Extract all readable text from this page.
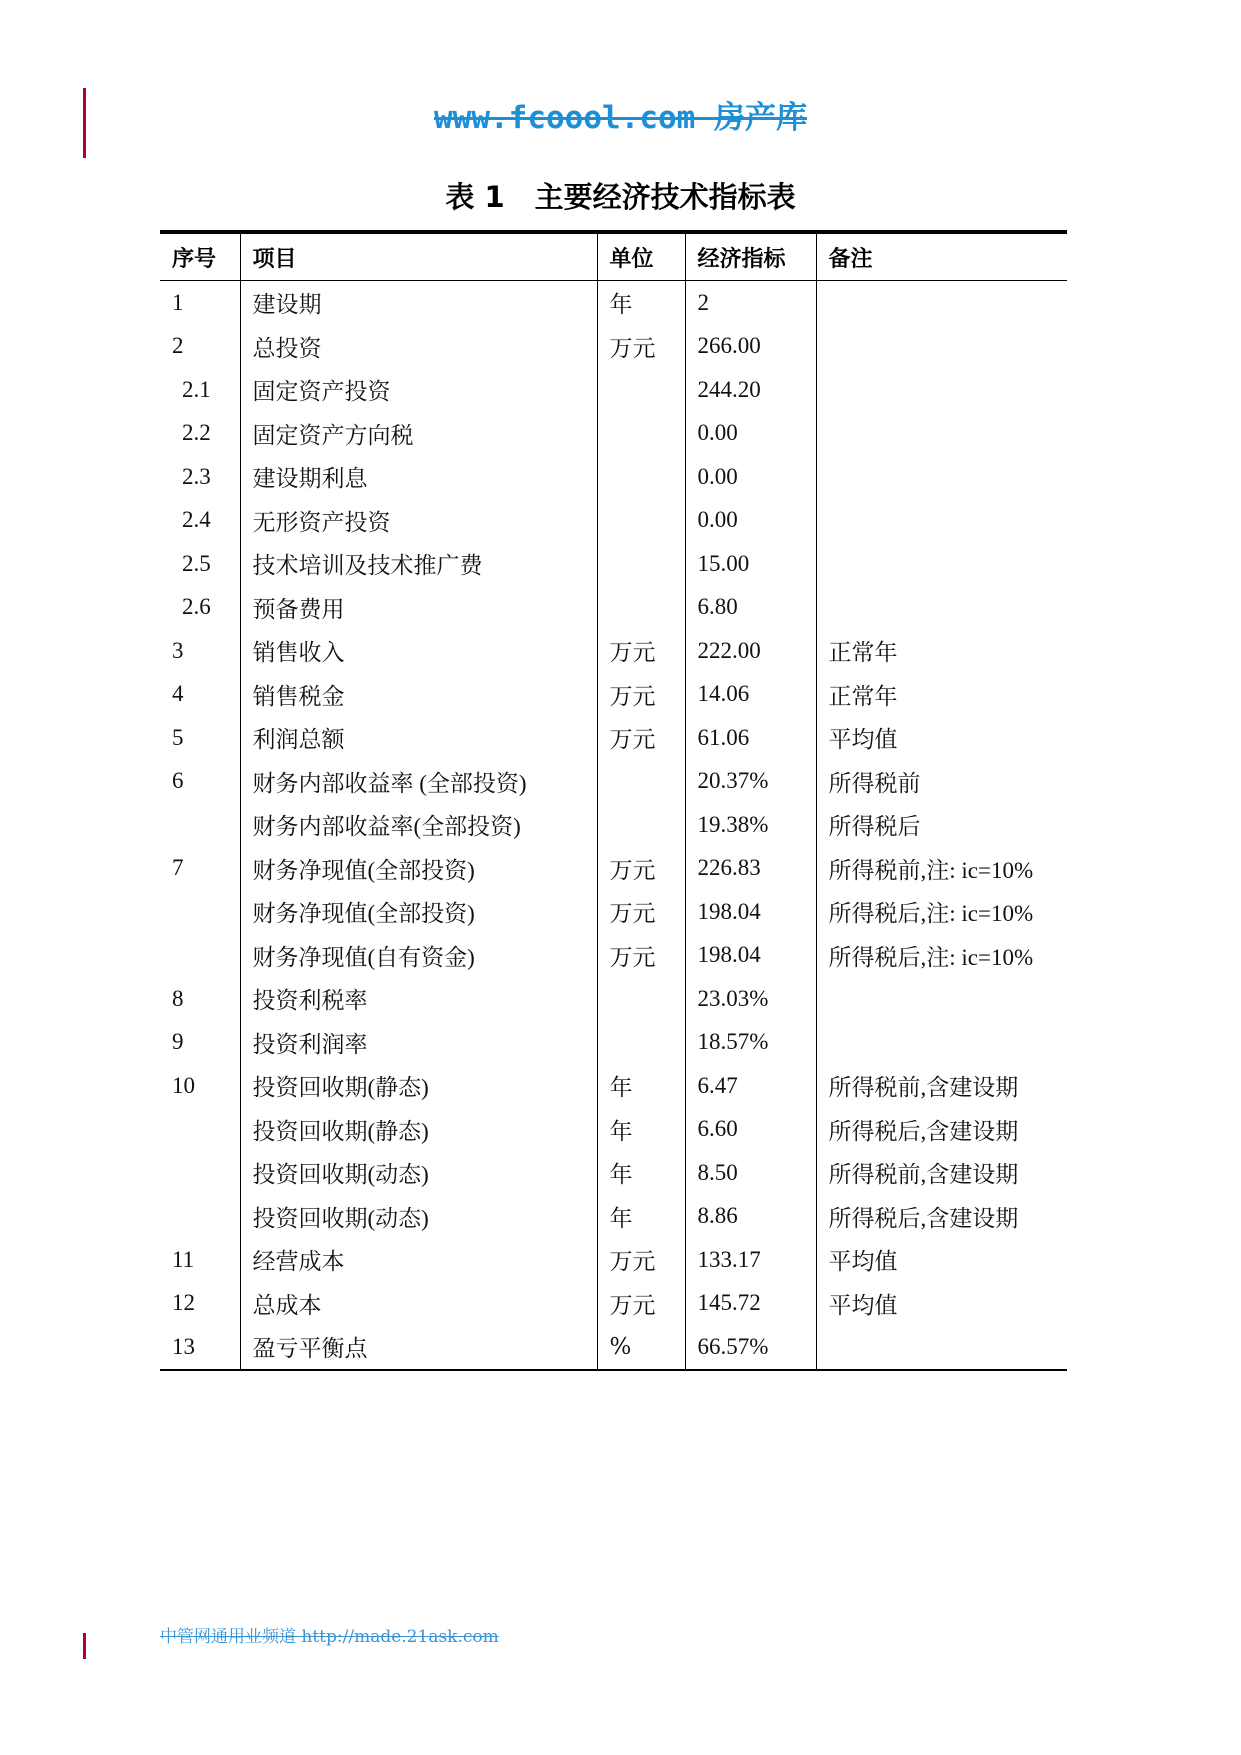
www.fcoool.com 房产库
表 1 主要经济技术指标表
序号	项目	单位	经济指标	备注
1	建设期	年	2	
2	总投资	万元	266.00	
2.1	固定资产投资		244.20	
2.2	固定资产方向税		0.00	
2.3	建设期利息		0.00	
2.4	无形资产投资		0.00	
2.5	技术培训及技术推广费		15.00	
2.6	预备费用		6.80	
3	销售收入	万元	222.00	正常年
4	销售税金	万元	14.06	正常年
5	利润总额	万元	61.06	平均值
6	财务内部收益率 (全部投资)		20.37%	所得税前
	财务内部收益率(全部投资)		19.38%	所得税后
7	财务净现值(全部投资)	万元	226.83	所得税前,注: ic=10%
	财务净现值(全部投资)	万元	198.04	所得税后,注: ic=10%
	财务净现值(自有资金)	万元	198.04	所得税后,注: ic=10%
8	投资利税率		23.03%	
9	投资利润率		18.57%	
10	投资回收期(静态)	年	6.47	所得税前,含建设期
	投资回收期(静态)	年	6.60	所得税后,含建设期
	投资回收期(动态)	年	8.50	所得税前,含建设期
	投资回收期(动态)	年	8.86	所得税后,含建设期
11	经营成本	万元	133.17	平均值
12	总成本	万元	145.72	平均值
13	盈亏平衡点	%	66.57%	
中管网通用业频道 http://made.21ask.com
